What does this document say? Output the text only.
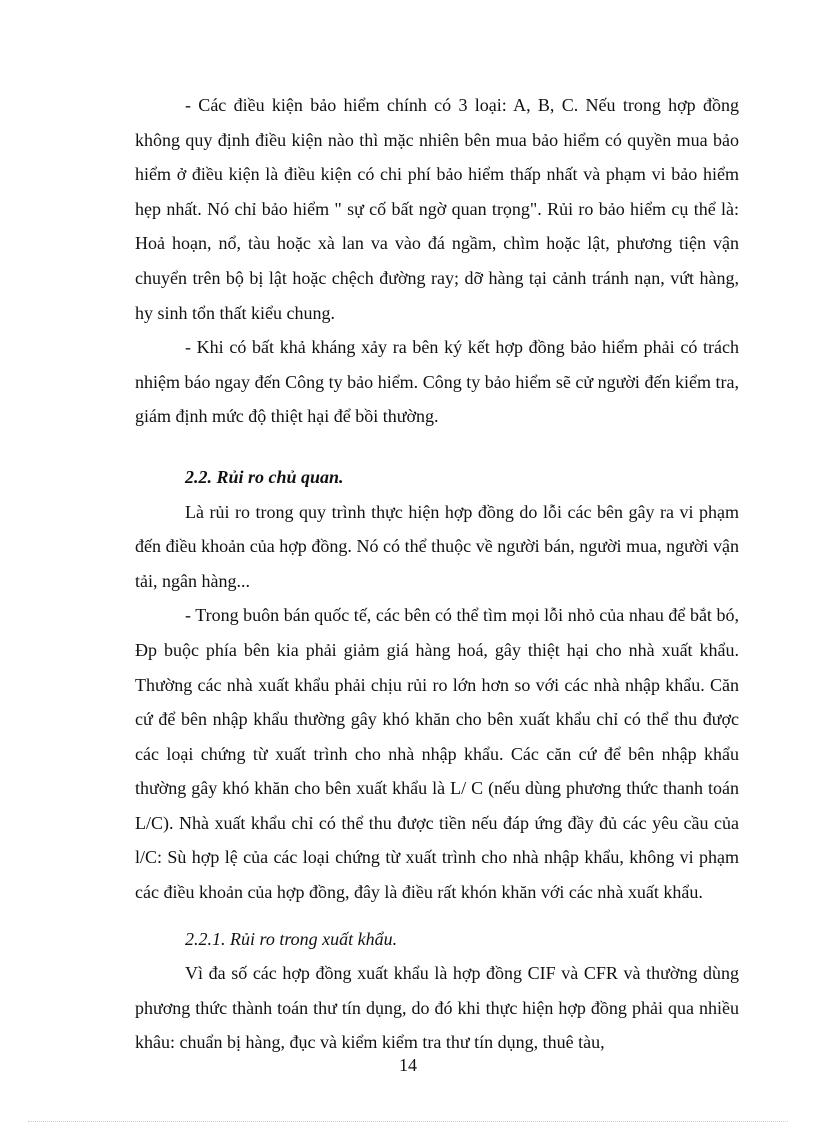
- Các điều kiện bảo hiểm chính có 3 loại: A, B, C. Nếu trong hợp đồng không quy định điều kiện nào thì mặc nhiên bên mua bảo hiểm có quyền mua bảo hiểm ở điều kiện là điều kiện có chi phí bảo hiểm thấp nhất và phạm vi bảo hiểm hẹp nhất. Nó chỉ bảo hiểm " sự cố bất ngờ quan trọng". Rủi ro bảo hiểm cụ thể là: Hoả hoạn, nổ, tàu hoặc xà lan va vào đá ngầm, chìm hoặc lật, phương tiện vận chuyển trên bộ bị lật hoặc chệch đường ray; dỡ hàng tại cảnh tránh nạn, vứt hàng, hy sinh tổn thất kiểu chung.

- Khi có bất khả kháng xảy ra bên ký kết hợp đồng bảo hiểm phải có trách nhiệm báo ngay đến Công ty bảo hiểm. Công ty bảo hiểm sẽ cử người đến kiểm tra, giám định mức độ thiệt hại để bồi thường.

2.2. Rủi ro chủ quan.

Là rủi ro trong quy trình thực hiện hợp đồng do lỗi các bên gây ra vi phạm đến điều khoản của hợp đồng. Nó có thể thuộc về người bán, người mua, người vận tải, ngân hàng...

- Trong buôn bán quốc tế, các bên có thể tìm mọi lỗi nhỏ của nhau để bắt bó, Đp buộc phía bên kia phải giảm giá hàng hoá, gây thiệt hại cho nhà xuất khẩu. Thường các nhà xuất khẩu phải chịu rủi ro lớn hơn so với các nhà nhập khẩu. Căn cứ để bên nhập khẩu thường gây khó khăn cho bên xuất khẩu chỉ có thể thu được các loại chứng từ xuất trình cho nhà nhập khẩu. Các căn cứ để bên nhập khẩu thường gây khó khăn cho bên xuất khẩu là L/ C (nếu dùng phương thức thanh toán L/C). Nhà xuất khẩu chỉ có thể thu được tiền nếu đáp ứng đầy đủ các yêu cầu của l/C: Sù hợp lệ của các loại chứng từ xuất trình cho nhà nhập khẩu, không vi phạm các điều khoản của hợp đồng, đây là điều rất khón khăn với các nhà xuất khẩu.

2.2.1. Rủi ro trong xuất khẩu.

Vì đa số các hợp đồng xuất khẩu là hợp đồng CIF và CFR và thường dùng phương thức thành toán thư tín dụng, do đó khi thực hiện hợp đồng phải qua nhiều khâu: chuẩn bị hàng, đục và kiểm kiểm tra thư tín dụng, thuê tàu,

14
